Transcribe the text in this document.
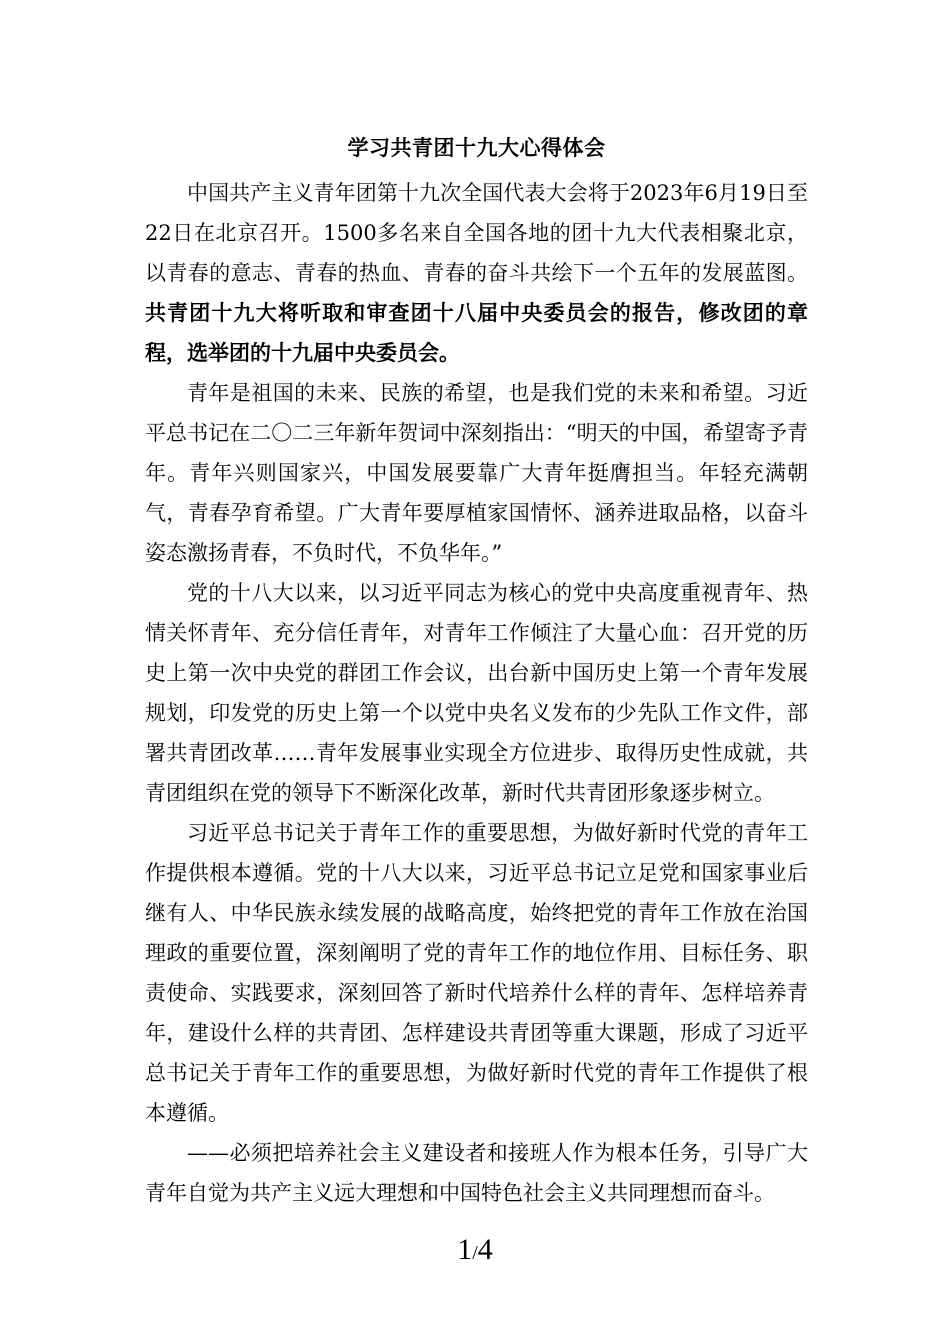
学习共青团十九大心得体会

中国共产主义青年团第十九次全国代表大会将于2023年6月19日至22日在北京召开。1500多名来自全国各地的团十九大代表相聚北京，以青春的意志、青春的热血、青春的奋斗共绘下一个五年的发展蓝图。共青团十九大将听取和审查团十八届中央委员会的报告，修改团的章程，选举团的十九届中央委员会。

青年是祖国的未来、民族的希望，也是我们党的未来和希望。习近平总书记在二〇二三年新年贺词中深刻指出：“明天的中国，希望寄予青年。青年兴则国家兴，中国发展要靠广大青年挺膺担当。年轻充满朝气，青春孕育希望。广大青年要厚植家国情怀、涵养进取品格，以奋斗姿态激扬青春，不负时代，不负华年。”

党的十八大以来，以习近平同志为核心的党中央高度重视青年、热情关怀青年、充分信任青年，对青年工作倾注了大量心血：召开党的历史上第一次中央党的群团工作会议，出台新中国历史上第一个青年发展规划，印发党的历史上第一个以党中央名义发布的少先队工作文件，部署共青团改革……青年发展事业实现全方位进步、取得历史性成就，共青团组织在党的领导下不断深化改革，新时代共青团形象逐步树立。

习近平总书记关于青年工作的重要思想，为做好新时代党的青年工作提供根本遵循。党的十八大以来，习近平总书记立足党和国家事业后继有人、中华民族永续发展的战略高度，始终把党的青年工作放在治国理政的重要位置，深刻阐明了党的青年工作的地位作用、目标任务、职责使命、实践要求，深刻回答了新时代培养什么样的青年、怎样培养青年，建设什么样的共青团、怎样建设共青团等重大课题，形成了习近平总书记关于青年工作的重要思想，为做好新时代党的青年工作提供了根本遵循。

——必须把培养社会主义建设者和接班人作为根本任务，引导广大青年自觉为共产主义远大理想和中国特色社会主义共同理想而奋斗。

1/4
